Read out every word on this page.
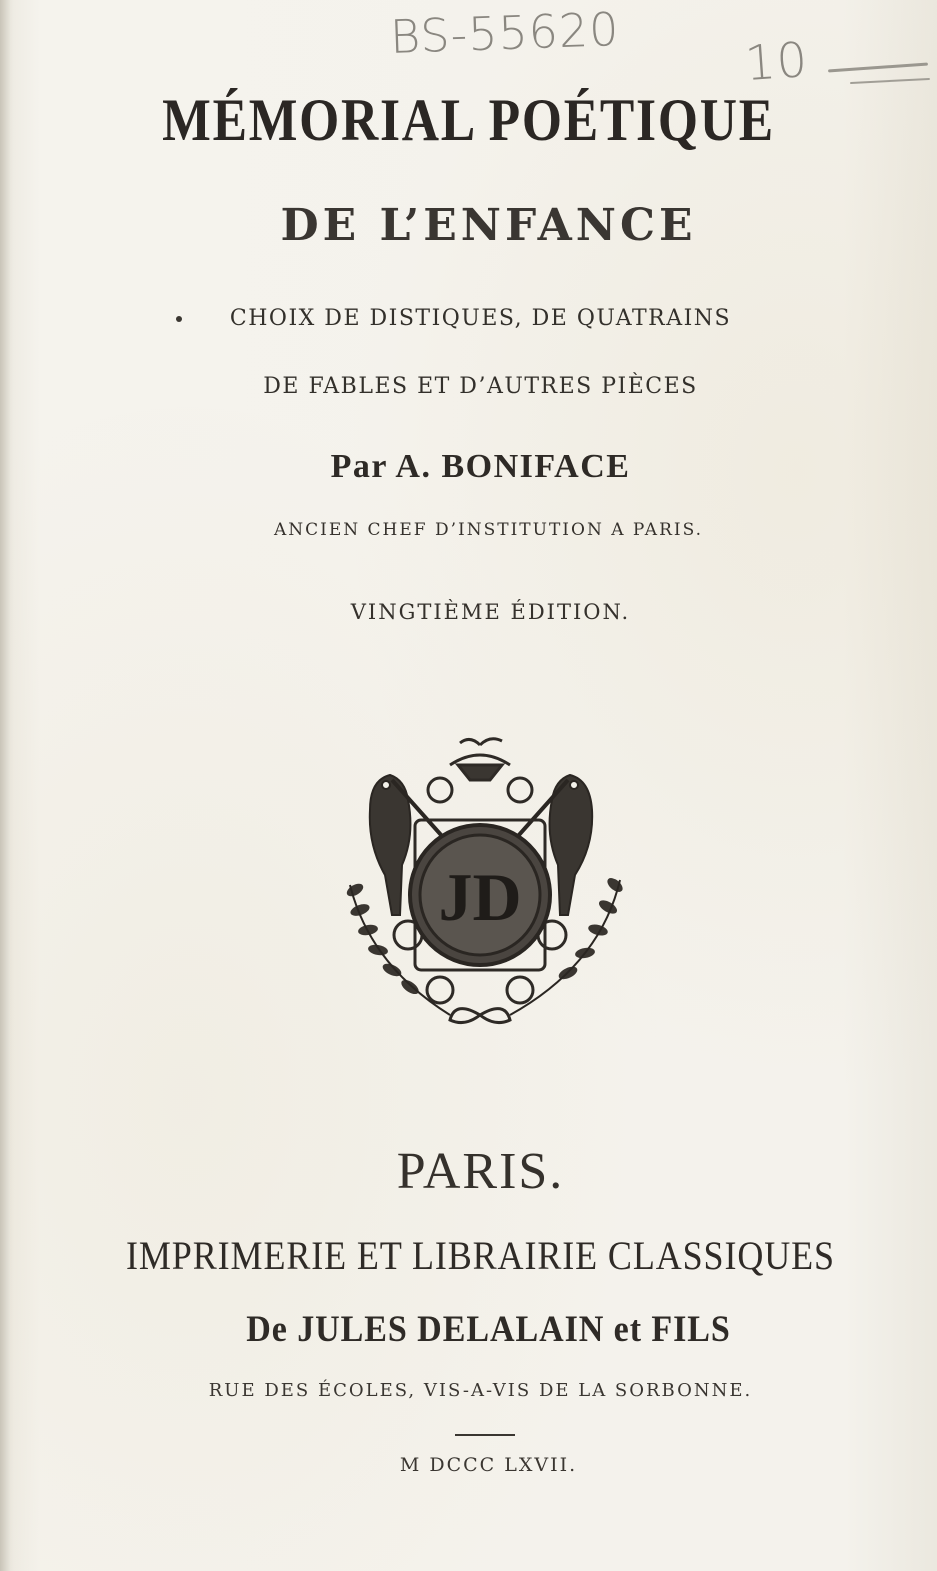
BS-55620	10
MÉMORIAL POÉTIQUE
DE L’ENFANCE
CHOIX DE DISTIQUES, DE QUATRAINS
DE FABLES ET D’AUTRES PIÈCES
Par A. BONIFACE
ANCIEN CHEF D’INSTITUTION A PARIS.
VINGTIÈME ÉDITION.
JD
PARIS.
IMPRIMERIE ET LIBRAIRIE CLASSIQUES
De JULES DELALAIN et FILS
RUE DES ÉCOLES, VIS-A-VIS DE LA SORBONNE.
M DCCC LXVII.
